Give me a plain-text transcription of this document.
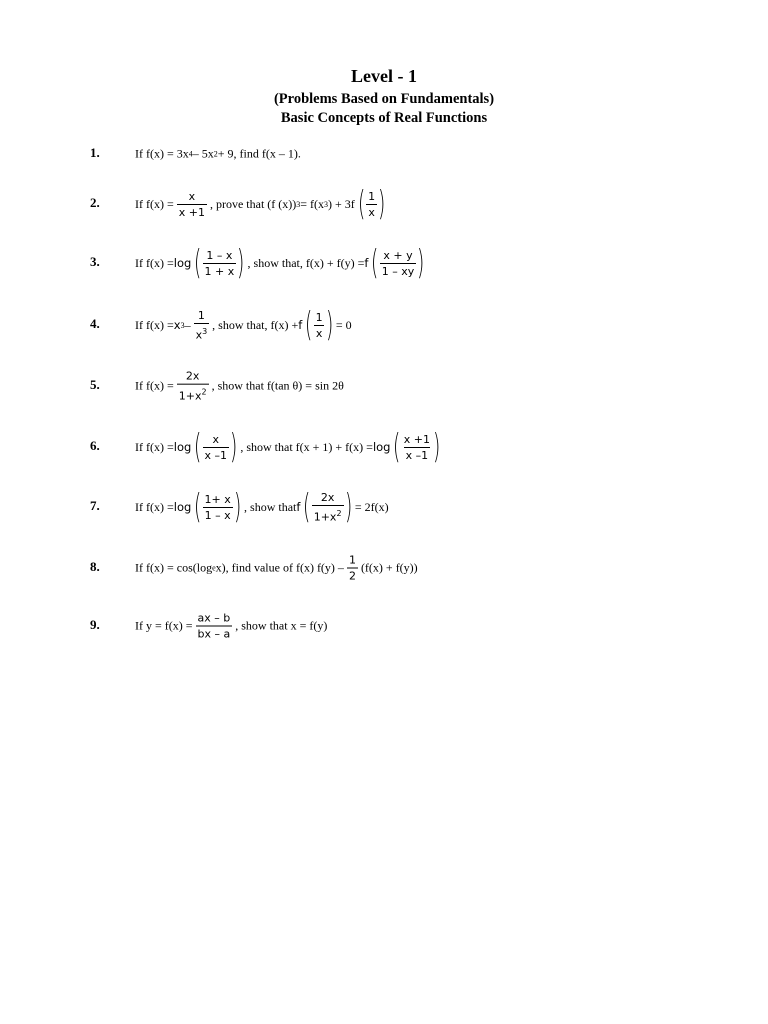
Level - 1
(Problems Based on Fundamentals)
Basic Concepts of Real Functions
1.	If f(x) = 3x 4 – 5x 2 + 9, find f(x – 1).
2.	If $f(x) = \frac{x}{x +1}$ , prove that (f (x)) 3 = f(x 3 ) + 3f ( $\frac{1}{x}$ )
3.	If f(x) = log ( $\frac{1 - x}{1 + x}$ ) , show that, f(x) + f(y) = f ( $\frac{x + y}{1 - xy}$ )
4.	If f(x) = x $3 - \frac{1}{x^3}$ , show that, f(x) + f ( $\frac{1}{x}$ ) = 0
5.	If $f(x) = \frac{2x}{1+x^2}$ , show that f(tan θ) = sin 2θ
6.	If f(x) = log ( $\frac{x}{x -1}$ ) , show that f(x + 1) + f(x) = log ( $\frac{x +1}{x -1}$ )
7.	If f(x) = log ( $\frac{1+ x}{1 - x}$ ) , show that f ( $\frac{2x}{1+x^2}$ ) = 2f(x)
8.	If f(x) = cos(log e x), find value of f(x) $f(y) - \frac{1}{2} (f(x) + f(y))$
9.	If $y = f(x) = \frac{ax - b}{bx - a}$ , show that x = f(y)
